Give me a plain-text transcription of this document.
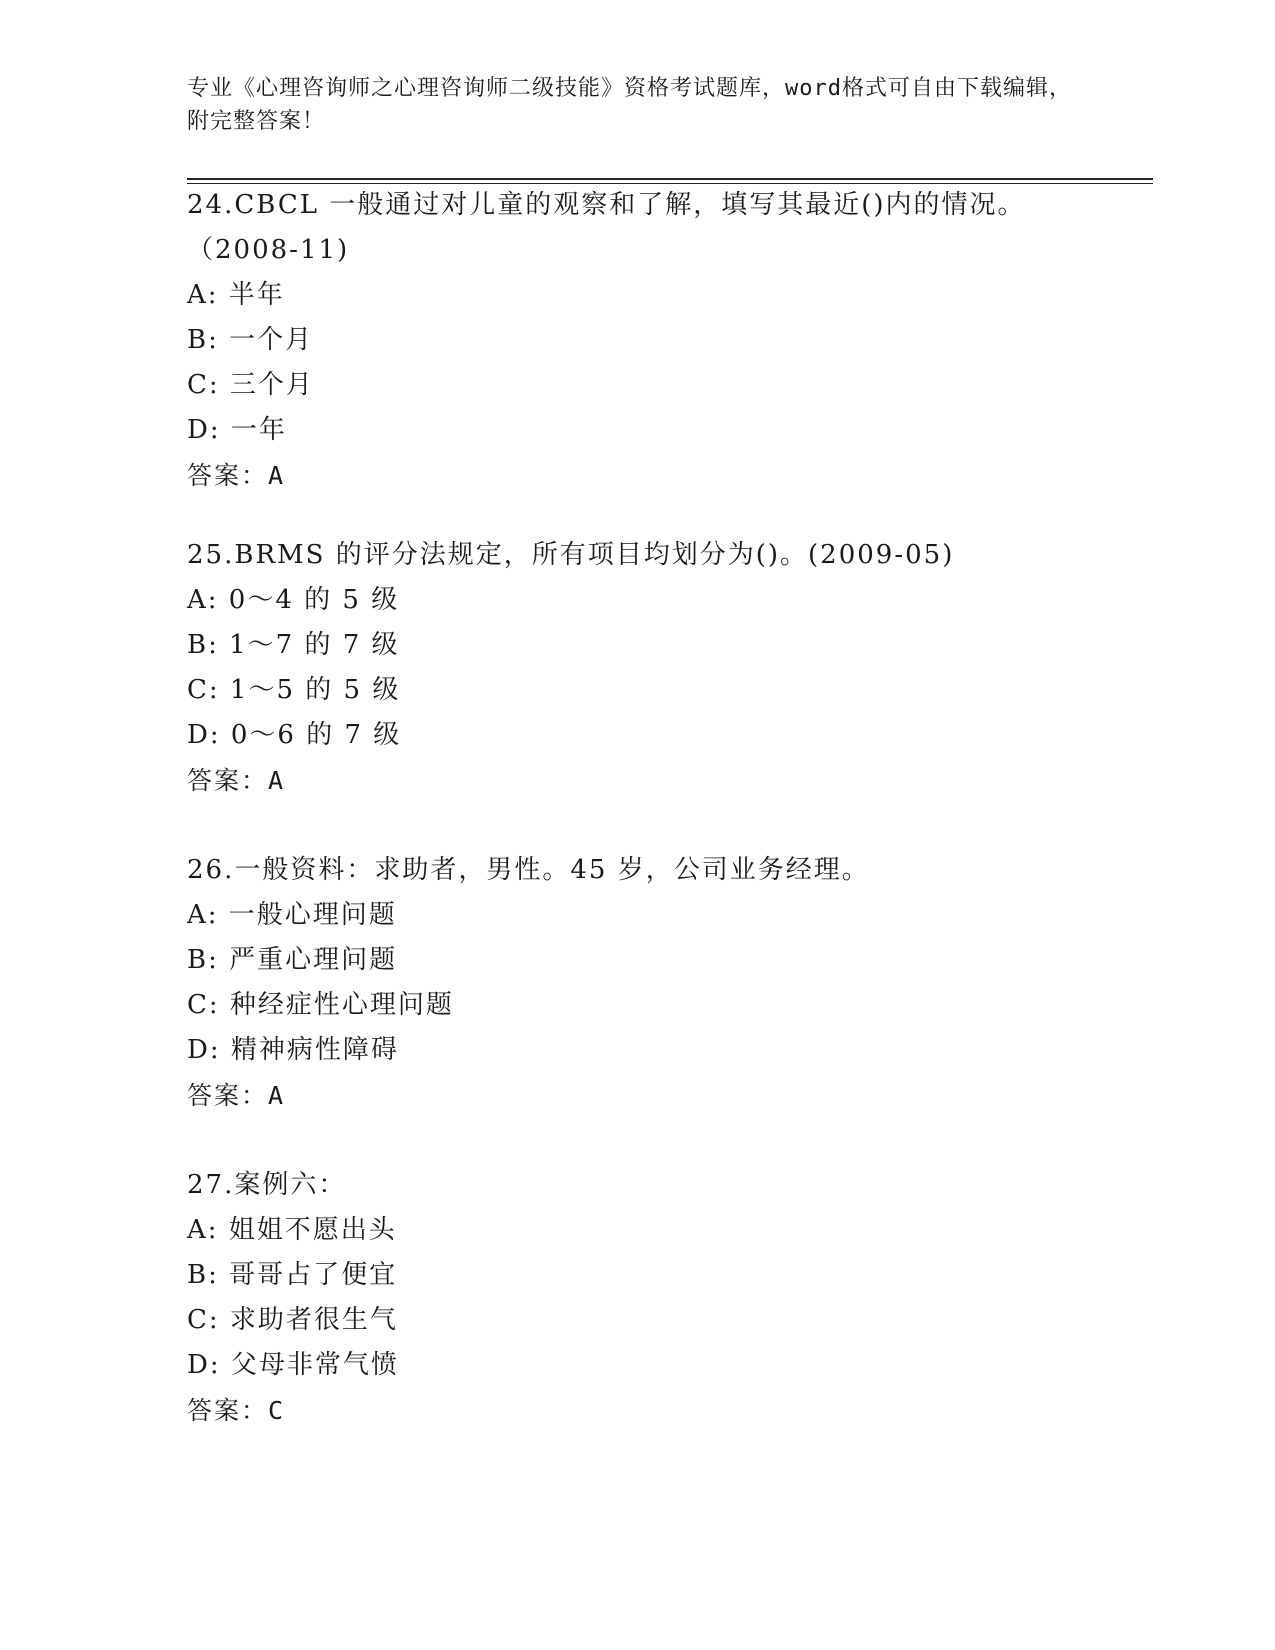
专业《心理咨询师之心理咨询师二级技能》资格考试题库，word格式可自由下载编辑，附完整答案！
24.CBCL 一般通过对儿童的观察和了解，填写其最近()内的情况。（2008-11)
A: 半年
B: 一个月
C: 三个月
D: 一年
答案：A
25.BRMS 的评分法规定，所有项目均划分为()。(2009-05)
A: 0～4 的 5 级
B: 1～7 的 7 级
C: 1～5 的 5 级
D: 0～6 的 7 级
答案：A
26.一般资料：求助者，男性。45 岁，公司业务经理。
A: 一般心理问题
B: 严重心理问题
C: 种经症性心理问题
D: 精神病性障碍
答案：A
27.案例六：
A: 姐姐不愿出头
B: 哥哥占了便宜
C: 求助者很生气
D: 父母非常气愤
答案：C
